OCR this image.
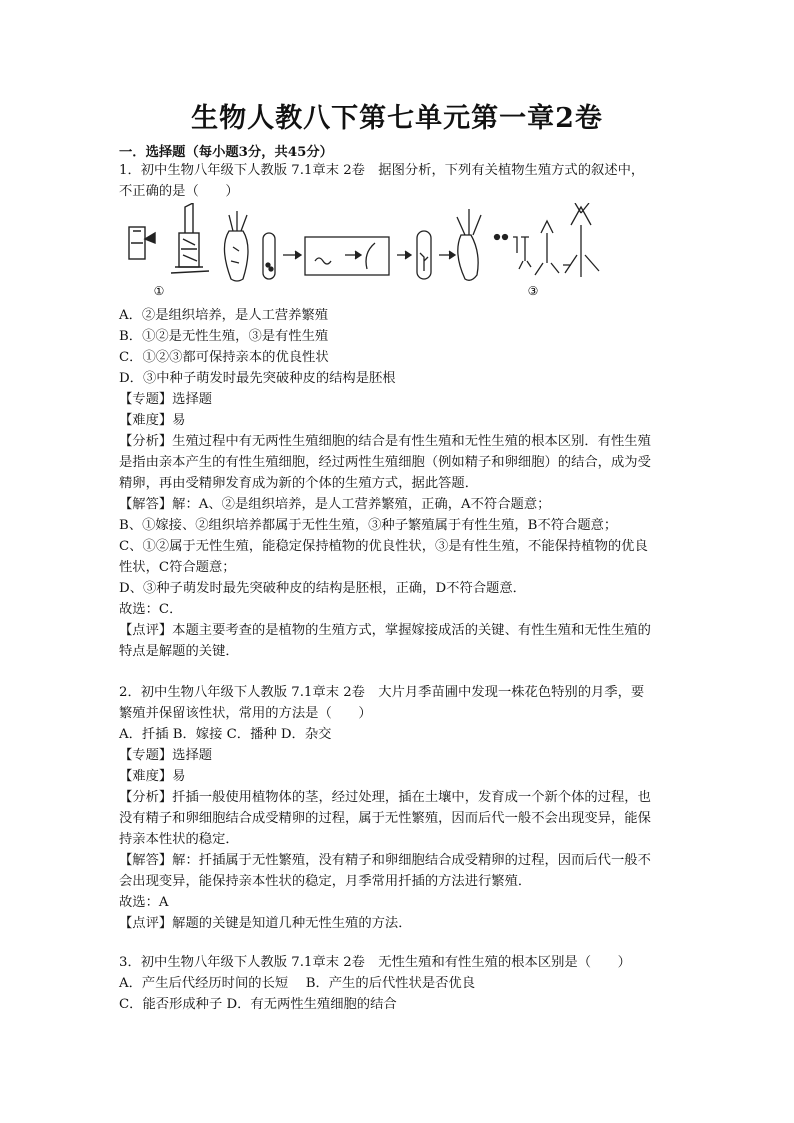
生物人教八下第七单元第一章2卷
一．选择题（每小题3分，共45分）
1．初中生物八年级下人教版 7.1章末 2卷　据图分析，下列有关植物生殖方式的叙述中，
不正确的是（　　）
①	③
A．②是组织培养，是人工营养繁殖
B．①②是无性生殖，③是有性生殖
C．①②③都可保持亲本的优良性状
D．③中种子萌发时最先突破种皮的结构是胚根
【专题】选择题
【难度】易
【分析】生殖过程中有无两性生殖细胞的结合是有性生殖和无性生殖的根本区别．有性生殖
是指由亲本产生的有性生殖细胞，经过两性生殖细胞（例如精子和卵细胞）的结合，成为受
精卵，再由受精卵发育成为新的个体的生殖方式，据此答题．
【解答】解：A、②是组织培养，是人工营养繁殖，正确，A不符合题意；
B、①嫁接、②组织培养都属于无性生殖，③种子繁殖属于有性生殖，B不符合题意；
C、①②属于无性生殖，能稳定保持植物的优良性状，③是有性生殖，不能保持植物的优良
性状，C符合题意；
D、③种子萌发时最先突破种皮的结构是胚根，正确，D不符合题意．
故选：C．
【点评】本题主要考查的是植物的生殖方式，掌握嫁接成活的关键、有性生殖和无性生殖的
特点是解题的关键．
2．初中生物八年级下人教版 7.1章末 2卷　大片月季苗圃中发现一株花色特别的月季，要
繁殖并保留该性状，常用的方法是（　　）
A．扦插 B．嫁接 C．播种 D．杂交
【专题】选择题
【难度】易
【分析】扦插一般使用植物体的茎，经过处理，插在土壤中，发育成一个新个体的过程，也
没有精子和卵细胞结合成受精卵的过程，属于无性繁殖，因而后代一般不会出现变异，能保
持亲本性状的稳定．
【解答】解：扦插属于无性繁殖，没有精子和卵细胞结合成受精卵的过程，因而后代一般不
会出现变异，能保持亲本性状的稳定，月季常用扦插的方法进行繁殖．
故选：A
【点评】解题的关键是知道几种无性生殖的方法．
3．初中生物八年级下人教版 7.1章末 2卷　无性生殖和有性生殖的根本区别是（　　）
A．产生后代经历时间的长短　 B．产生的后代性状是否优良
C．能否形成种子 D．有无两性生殖细胞的结合
